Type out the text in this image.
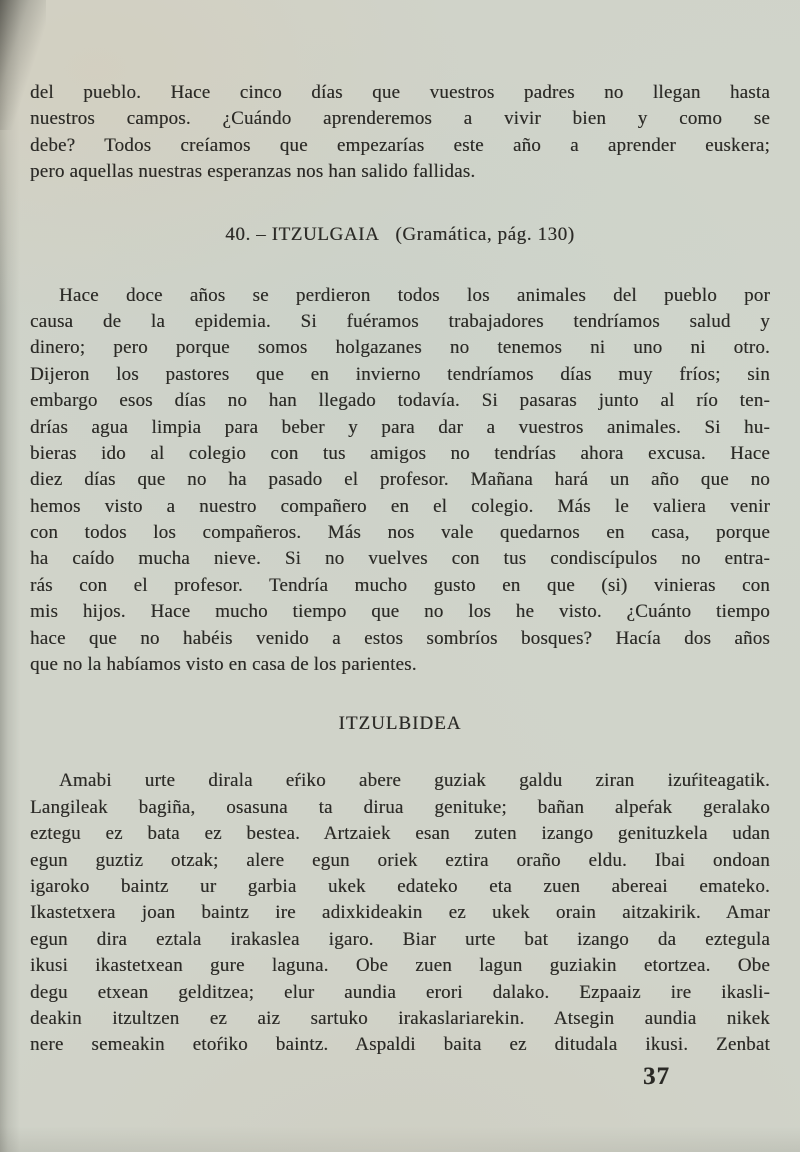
del pueblo. Hace cinco días que vuestros padres no llegan hasta
nuestros campos. ¿Cuándo aprenderemos a vivir bien y como se
debe? Todos creíamos que empezarías este año a aprender euskera;
pero aquellas nuestras esperanzas nos han salido fallidas.
40. – ITZULGAIA (Gramática, pág. 130)
Hace doce años se perdieron todos los animales del pueblo por
causa de la epidemia. Si fuéramos trabajadores tendríamos salud y
dinero; pero porque somos holgazanes no tenemos ni uno ni otro.
Dijeron los pastores que en invierno tendríamos días muy fríos; sin
embargo esos días no han llegado todavía. Si pasaras junto al río ten-
drías agua limpia para beber y para dar a vuestros animales. Si hu-
bieras ido al colegio con tus amigos no tendrías ahora excusa. Hace
diez días que no ha pasado el profesor. Mañana hará un año que no
hemos visto a nuestro compañero en el colegio. Más le valiera venir
con todos los compañeros. Más nos vale quedarnos en casa, porque
ha caído mucha nieve. Si no vuelves con tus condiscípulos no entra-
rás con el profesor. Tendría mucho gusto en que (si) vinieras con
mis hijos. Hace mucho tiempo que no los he visto. ¿Cuánto tiempo
hace que no habéis venido a estos sombríos bosques? Hacía dos años
que no la habíamos visto en casa de los parientes.
ITZULBIDEA
Amabi urte dirala eŕiko abere guziak galdu ziran izuŕiteagatik.
Langileak bagiña, osasuna ta dirua genituke; bañan alpeŕak geralako
eztegu ez bata ez bestea. Artzaiek esan zuten izango genituzkela udan
egun guztiz otzak; alere egun oriek eztira oraño eldu. Ibai ondoan
igaroko baintz ur garbia ukek edateko eta zuen abereai emateko.
Ikastetxera joan baintz ire adixkideakin ez ukek orain aitzakirik. Amar
egun dira eztala irakaslea igaro. Biar urte bat izango da eztegula
ikusi ikastetxean gure laguna. Obe zuen lagun guziakin etortzea. Obe
degu etxean gelditzea; elur aundia erori dalako. Ezpaaiz ire ikasli-
deakin itzultzen ez aiz sartuko irakaslariarekin. Atsegin aundia nikek
nere semeakin etoŕiko baintz. Aspaldi baita ez ditudala ikusi. Zenbat
37
